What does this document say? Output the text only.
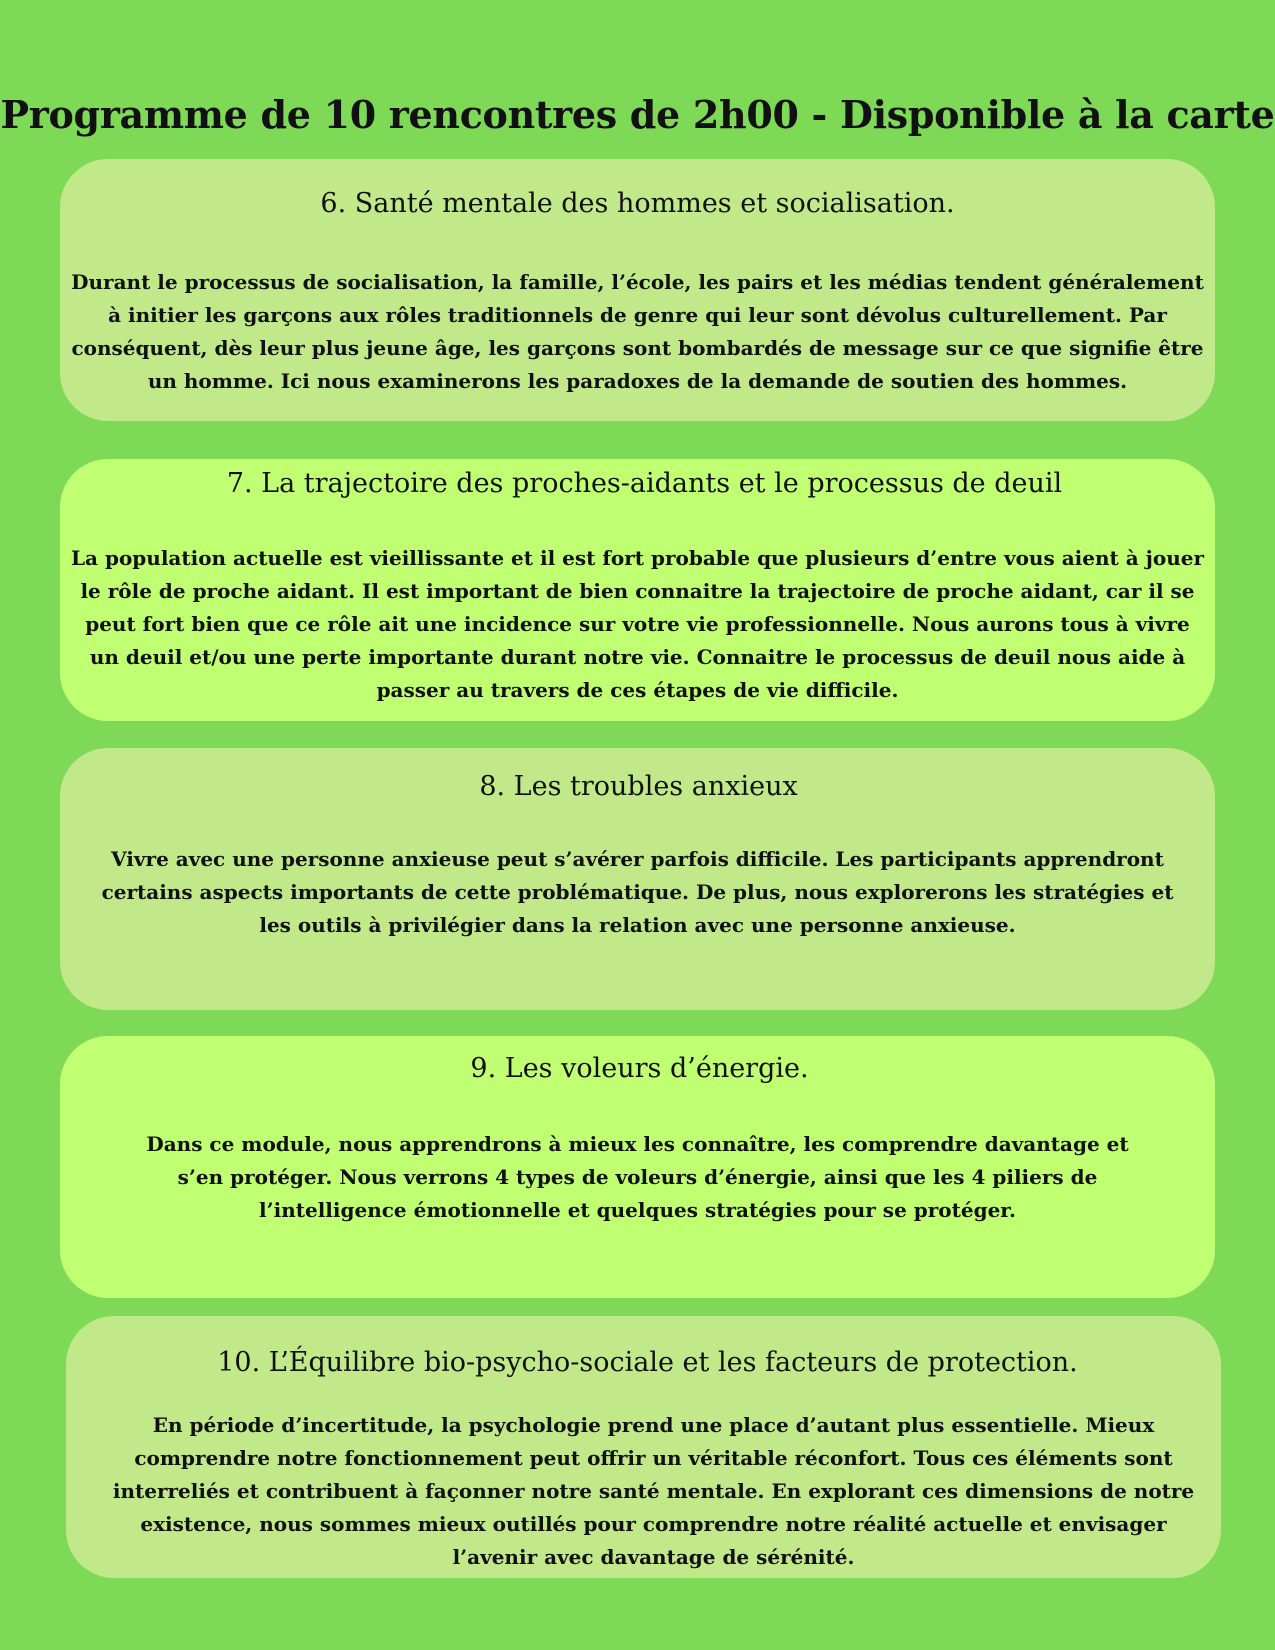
Programme de 10 rencontres de 2h00 - Disponible à la carte
6. Santé mentale des hommes et socialisation.

Durant le processus de socialisation, la famille, l’école, les pairs et les médias tendent généralement à initier les garçons aux rôles traditionnels de genre qui leur sont dévolus culturellement. Par conséquent, dès leur plus jeune âge, les garçons sont bombardés de message sur ce que signifie être un homme. Ici nous examinerons les paradoxes de la demande de soutien des hommes.

7. La trajectoire des proches-aidants et le processus de deuil

La population actuelle est vieillissante et il est fort probable que plusieurs d’entre vous aient à jouer le rôle de proche aidant. Il est important de bien connaitre la trajectoire de proche aidant, car il se peut fort bien que ce rôle ait une incidence sur votre vie professionnelle. Nous aurons tous à vivre un deuil et/ou une perte importante durant notre vie. Connaitre le processus de deuil nous aide à passer au travers de ces étapes de vie difficile.

8. Les troubles anxieux

Vivre avec une personne anxieuse peut s’avérer parfois difficile. Les participants apprendront certains aspects importants de cette problématique. De plus, nous explorerons les stratégies et les outils à privilégier dans la relation avec une personne anxieuse.

9. Les voleurs d’énergie.

Dans ce module, nous apprendrons à mieux les connaître, les comprendre davantage et s’en protéger. Nous verrons 4 types de voleurs d’énergie, ainsi que les 4 piliers de l’intelligence émotionnelle et quelques stratégies pour se protéger.

10. L’Équilibre bio-psycho-sociale et les facteurs de protection.

En période d’incertitude, la psychologie prend une place d’autant plus essentielle. Mieux comprendre notre fonctionnement peut offrir un véritable réconfort. Tous ces éléments sont interreliés et contribuent à façonner notre santé mentale. En explorant ces dimensions de notre existence, nous sommes mieux outillés pour comprendre notre réalité actuelle et envisager l’avenir avec davantage de sérénité.
